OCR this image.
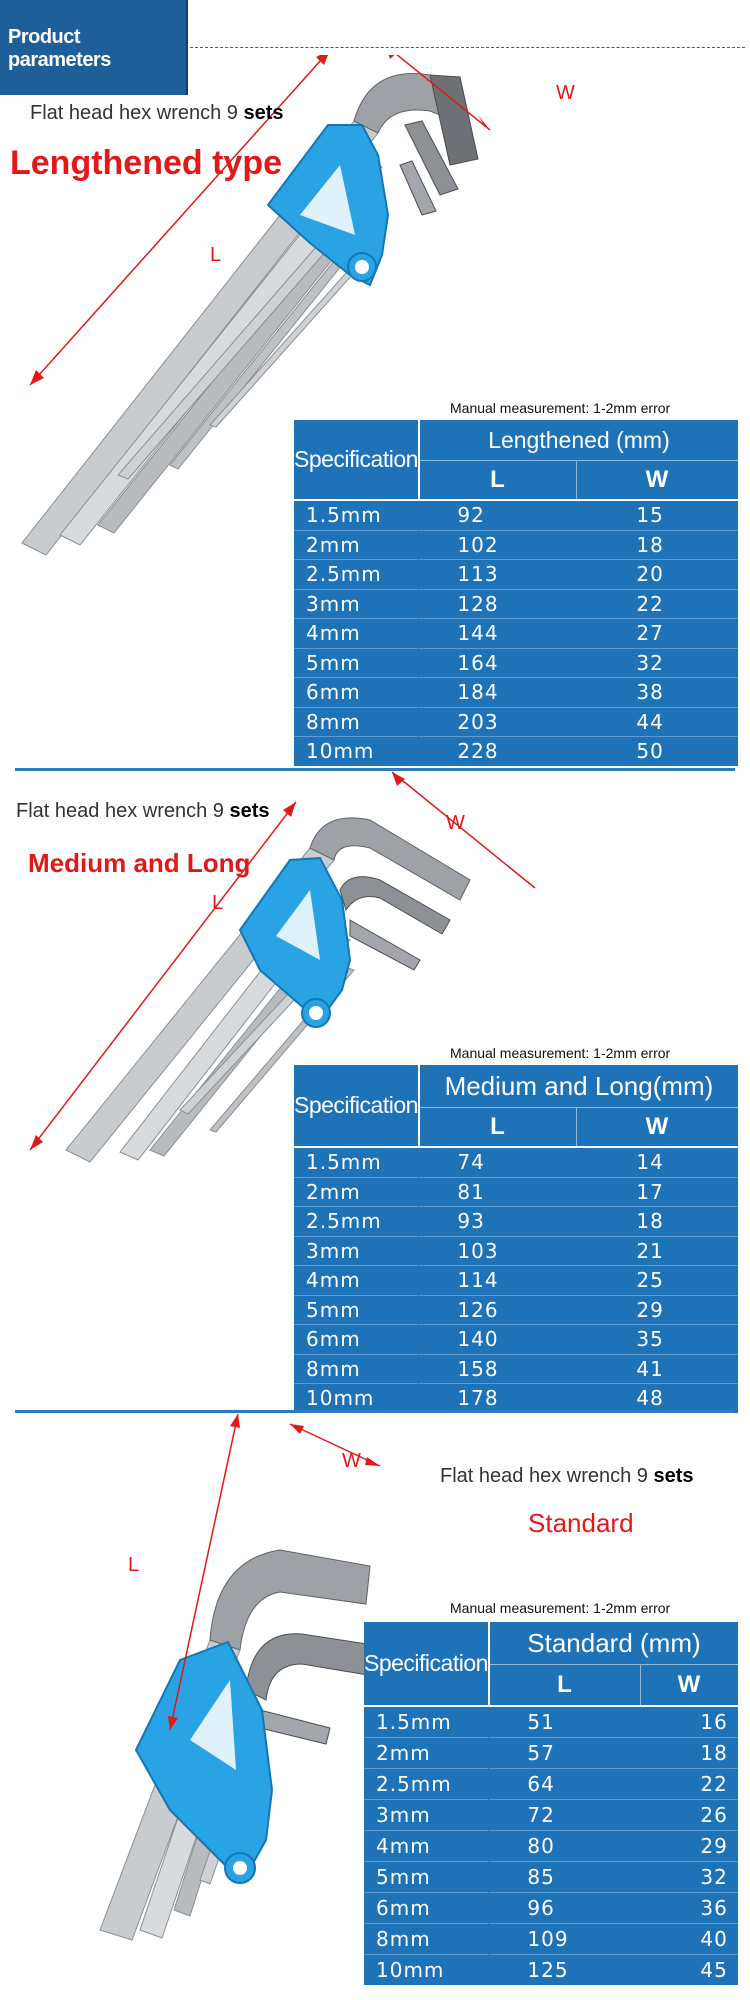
Product parameters
Flat head hex wrench 9 sets
Lengthened type
L
W
Manual measurement: 1-2mm error
Specification	Lengthened (mm)	
	L	W
1.5mm	92	15
2mm	102	18
2.5mm	113	20
3mm	128	22
4mm	144	27
5mm	164	32
6mm	184	38
8mm	203	44
10mm	228	50
Flat head hex wrench 9 sets
Medium and Long
L
W
Manual measurement: 1-2mm error
Specification	Medium and Long(mm)	
	L	W
1.5mm	74	14
2mm	81	17
2.5mm	93	18
3mm	103	21
4mm	114	25
5mm	126	29
6mm	140	35
8mm	158	41
10mm	178	48
Flat head hex wrench 9 sets
Standard
L
W
Manual measurement: 1-2mm error
Specification	Standard (mm)	
	L	W
1.5mm	51	16
2mm	57	18
2.5mm	64	22
3mm	72	26
4mm	80	29
5mm	85	32
6mm	96	36
8mm	109	40
10mm	125	45
